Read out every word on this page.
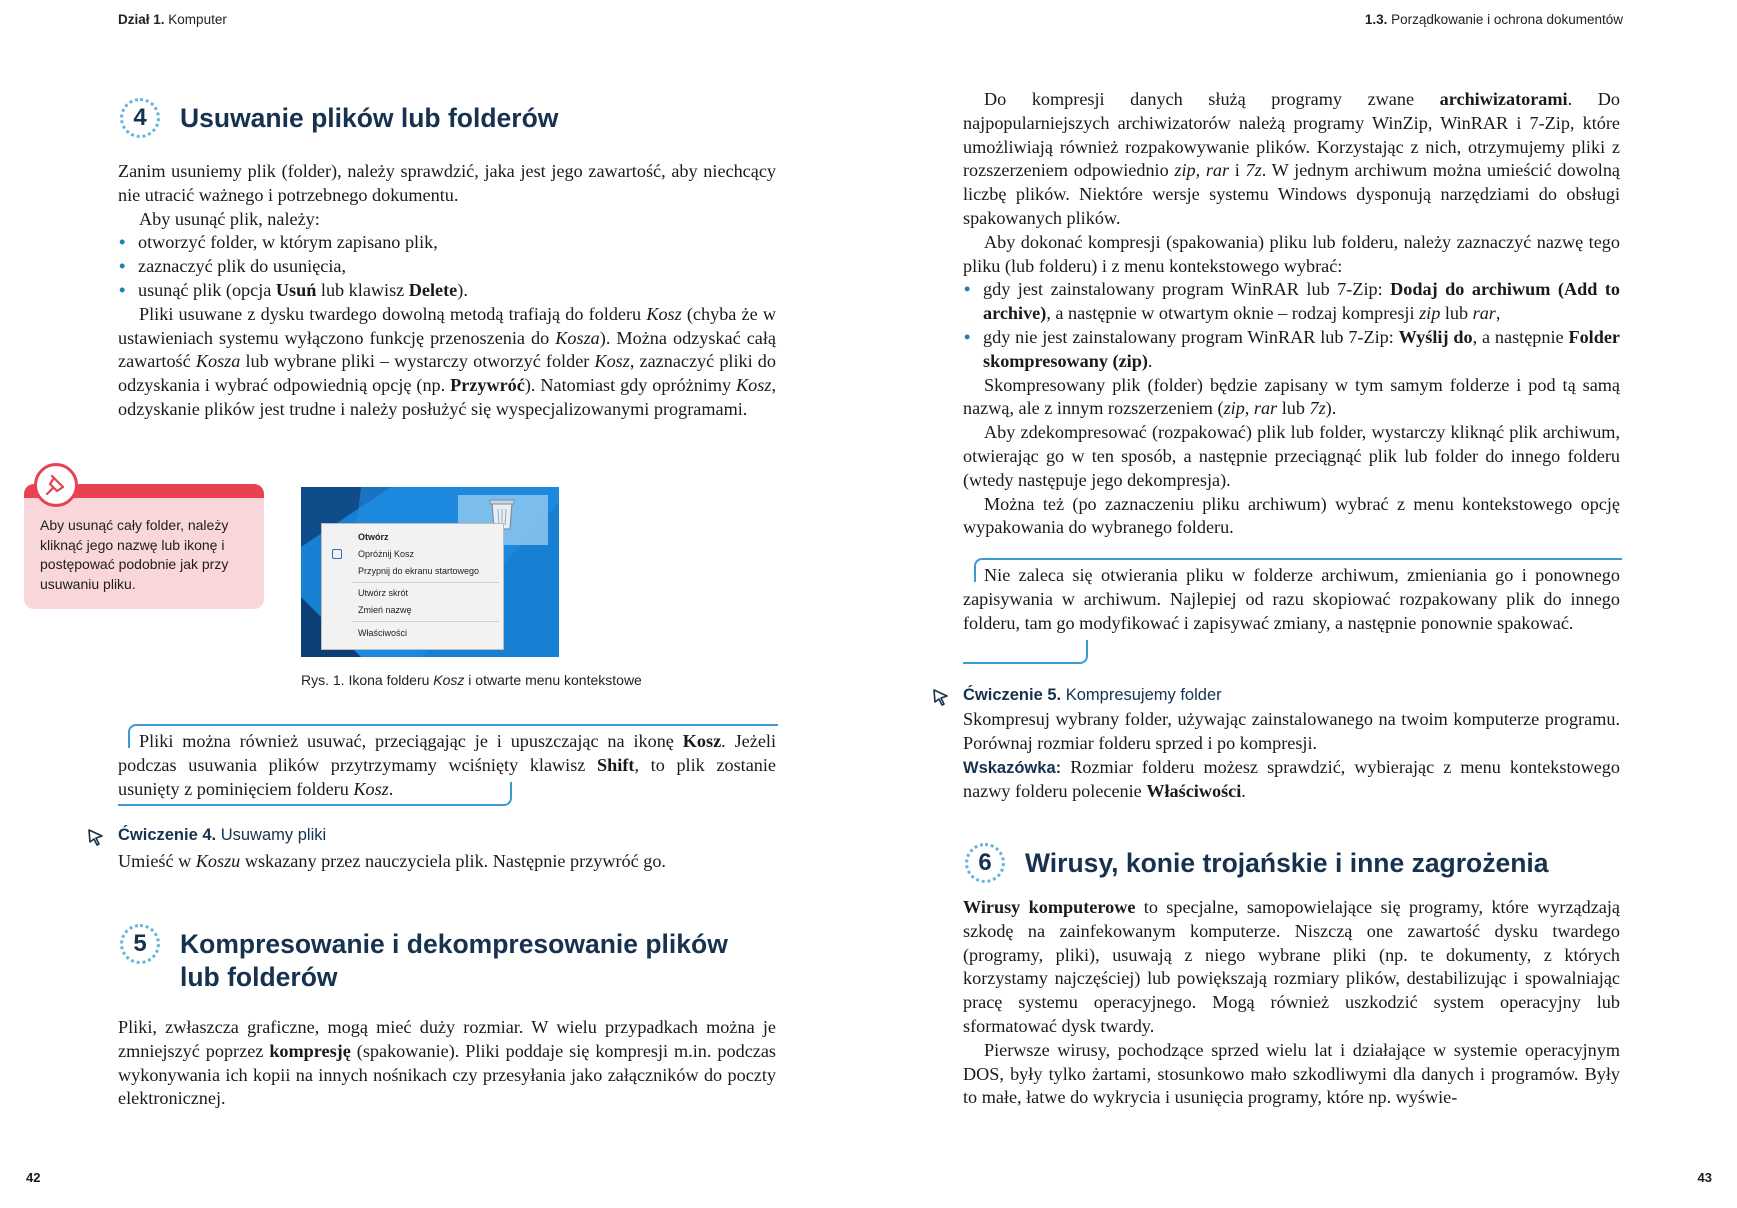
Dział 1. Komputer	1.3. Porządkowanie i ochrona dokumentów
42	43
4	Usuwanie plików lub folderów

Zanim usuniemy plik (folder), należy sprawdzić, jaka jest jego zawartość, aby niechcący nie utracić ważnego i potrzebnego dokumentu.

Aby usunąć plik, należy:

• otworzyć folder, w którym zapisano plik,
• zaznaczyć plik do usunięcia,
• usunąć plik (opcja Usuń lub klawisz Delete).

Pliki usuwane z dysku twardego dowolną metodą trafiają do folderu Kosz (chyba że w ustawieniach systemu wyłączono funkcję przenoszenia do Kosza). Można odzyskać całą zawartość Kosza lub wybrane pliki – wystarczy otworzyć folder Kosz, zaznaczyć pliki do odzyskania i wybrać odpowiednią opcję (np. Przywróć). Natomiast gdy opróżnimy Kosz, odzyskanie plików jest trudne i należy posłużyć się wyspecjalizowanymi programami.

Aby usunąć cały folder, należy kliknąć jego nazwę lub ikonę i postępować podobnie jak przy usuwaniu pliku.
Otwórz
Opróżnij Kosz
Przypnij do ekranu startowego
Utwórz skrót
Zmień nazwę
Właściwości
Rys. 1. Ikona folderu Kosz i otwarte menu kontekstowe

Pliki można również usuwać, przeciągając je i upuszczając na ikonę Kosz. Jeżeli podczas usuwania plików przytrzymamy wciśnięty klawisz Shift, to plik zostanie usunięty z pominięciem folderu Kosz.

Ćwiczenie 4. Usuwamy pliki

Umieść w Koszu wskazany przez nauczyciela plik. Następnie przywróć go.

5	Kompresowanie i dekompresowanie plików
lub folderów

Pliki, zwłaszcza graficzne, mogą mieć duży rozmiar. W wielu przypadkach można je zmniejszyć poprzez kompresję (spakowanie). Pliki poddaje się kompresji m.in. podczas wykonywania ich kopii na innych nośnikach czy przesyłania jako załączników do poczty elektronicznej.

Do kompresji danych służą programy zwane archiwizatorami. Do najpopularniejszych archiwizatorów należą programy WinZip, WinRAR i 7-Zip, które umożliwiają również rozpakowywanie plików. Korzystając z nich, otrzymujemy pliki z rozszerzeniem odpowiednio zip, rar i 7z. W jednym archiwum można umieścić dowolną liczbę plików. Niektóre wersje systemu Windows dysponują narzędziami do obsługi spakowanych plików.

Aby dokonać kompresji (spakowania) pliku lub folderu, należy zaznaczyć nazwę tego pliku (lub folderu) i z menu kontekstowego wybrać:

• gdy jest zainstalowany program WinRAR lub 7-Zip: Dodaj do archiwum (Add to archive), a następnie w otwartym oknie – rodzaj kompresji zip lub rar,
• gdy nie jest zainstalowany program WinRAR lub 7-Zip: Wyślij do, a następnie Folder skompresowany (zip).

Skompresowany plik (folder) będzie zapisany w tym samym folderze i pod tą samą nazwą, ale z innym rozszerzeniem (zip, rar lub 7z).

Aby zdekompresować (rozpakować) plik lub folder, wystarczy kliknąć plik archiwum, otwierając go w ten sposób, a następnie przeciągnąć plik lub folder do innego folderu (wtedy następuje jego dekompresja).

Można też (po zaznaczeniu pliku archiwum) wybrać z menu kontekstowego opcję wypakowania do wybranego folderu.

Nie zaleca się otwierania pliku w folderze archiwum, zmieniania go i ponownego zapisywania w archiwum. Najlepiej od razu skopiować rozpakowany plik do innego folderu, tam go modyfikować i zapisywać zmiany, a następnie ponownie spakować.

Ćwiczenie 5. Kompresujemy folder

Skompresuj wybrany folder, używając zainstalowanego na twoim komputerze programu. Porównaj rozmiar folderu sprzed i po kompresji.

Wskazówka: Rozmiar folderu możesz sprawdzić, wybierając z menu kontekstowego nazwy folderu polecenie Właściwości.

6	Wirusy, konie trojańskie i inne zagrożenia

Wirusy komputerowe to specjalne, samopowielające się programy, które wyrządzają szkodę na zainfekowanym komputerze. Niszczą one zawartość dysku twardego (programy, pliki), usuwają z niego wybrane pliki (np. te dokumenty, z których korzystamy najczęściej) lub powiększają rozmiary plików, destabilizując i spowalniając pracę systemu operacyjnego. Mogą również uszkodzić system operacyjny lub sformatować dysk twardy.

Pierwsze wirusy, pochodzące sprzed wielu lat i działające w systemie operacyjnym DOS, były tylko żartami, stosunkowo mało szkodliwymi dla danych i programów. Były to małe, łatwe do wykrycia i usunięcia programy, które np. wyświe-
